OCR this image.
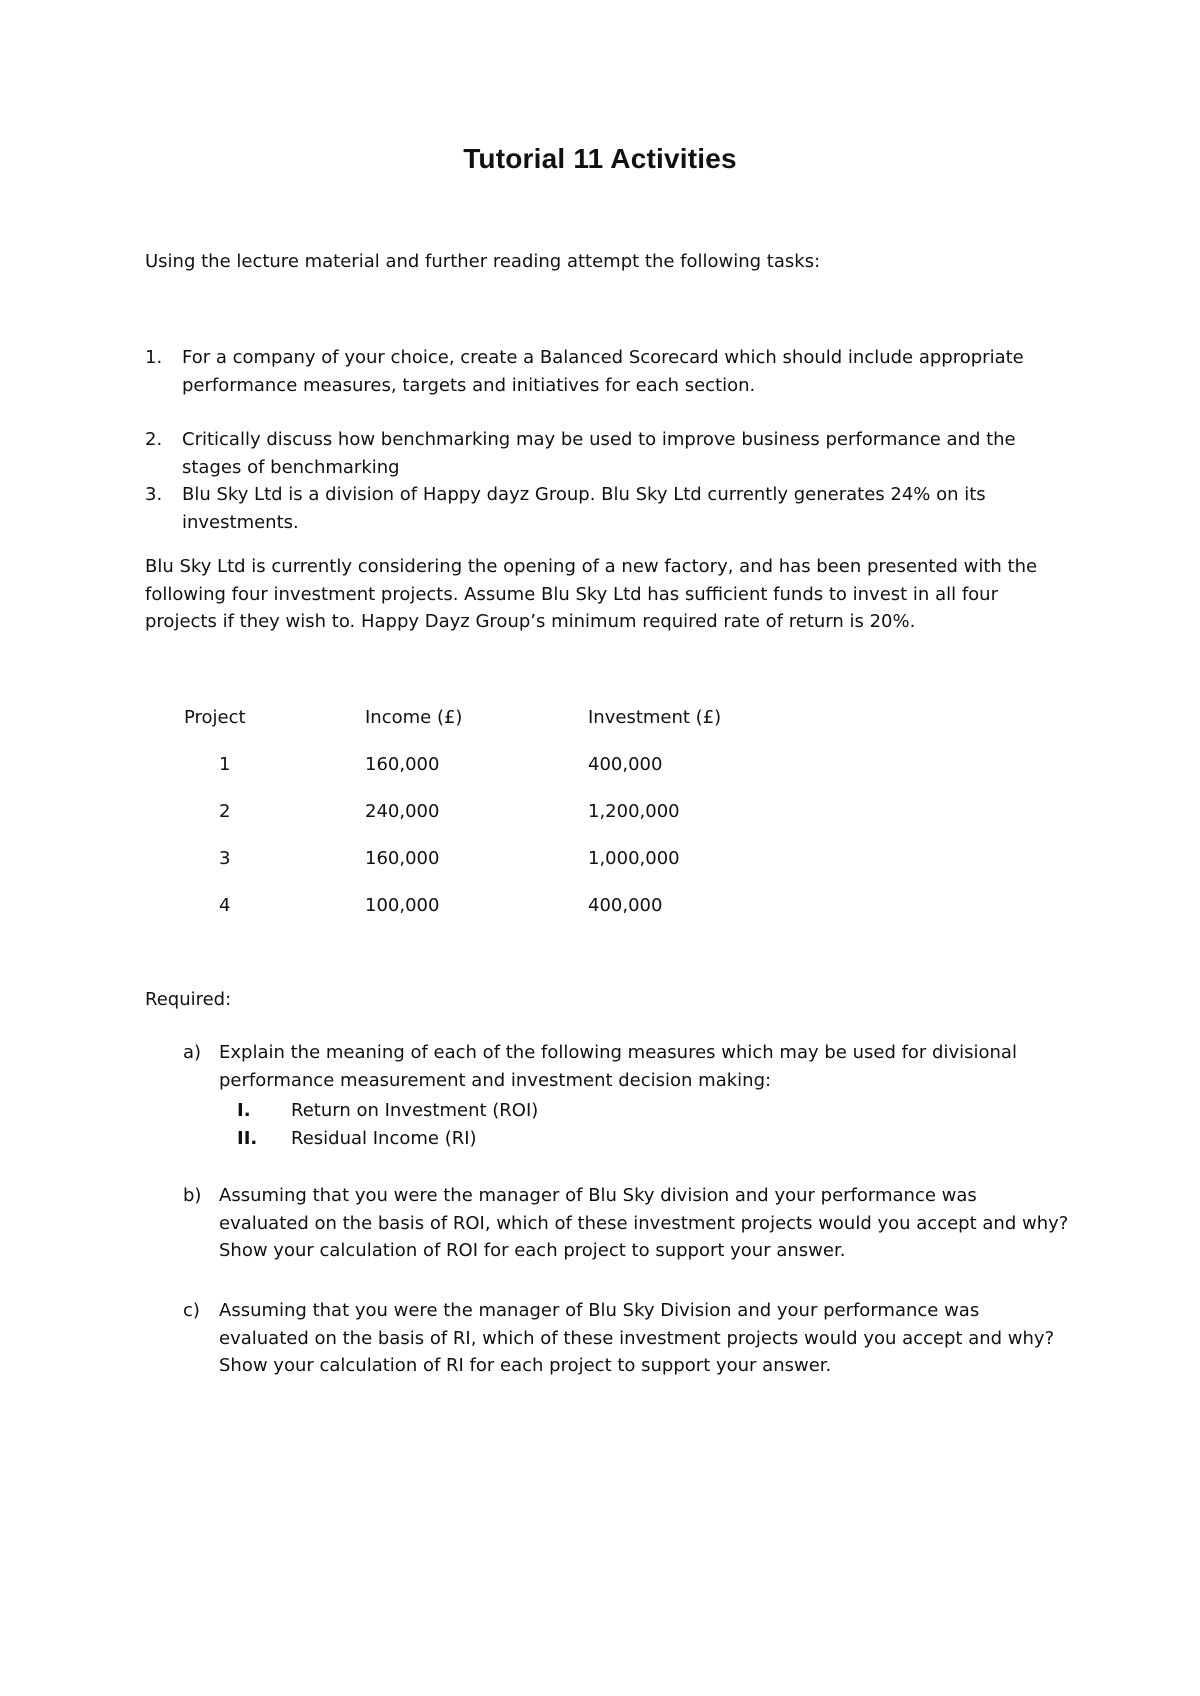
Tutorial 11 Activities
Using the lecture material and further reading attempt the following tasks:
1. For a company of your choice, create a Balanced Scorecard which should include appropriate performance measures, targets and initiatives for each section.
2. Critically discuss how benchmarking may be used to improve business performance and the stages of benchmarking
3. Blu Sky Ltd is a division of Happy dayz Group. Blu Sky Ltd currently generates 24% on its investments.
Blu Sky Ltd is currently considering the opening of a new factory, and has been presented with the following four investment projects. Assume Blu Sky Ltd has sufficient funds to invest in all four projects if they wish to. Happy Dayz Group’s minimum required rate of return is 20%.
Project	Income (£)	Investment (£)
1	160,000	400,000
2	240,000	1,200,000
3	160,000	1,000,000
4	100,000	400,000
Required:
a) Explain the meaning of each of the following measures which may be used for divisional performance measurement and investment decision making:
I. Return on Investment (ROI)
II. Residual Income (RI)
b) Assuming that you were the manager of Blu Sky division and your performance was evaluated on the basis of ROI, which of these investment projects would you accept and why? Show your calculation of ROI for each project to support your answer.
c) Assuming that you were the manager of Blu Sky Division and your performance was evaluated on the basis of RI, which of these investment projects would you accept and why? Show your calculation of RI for each project to support your answer.
